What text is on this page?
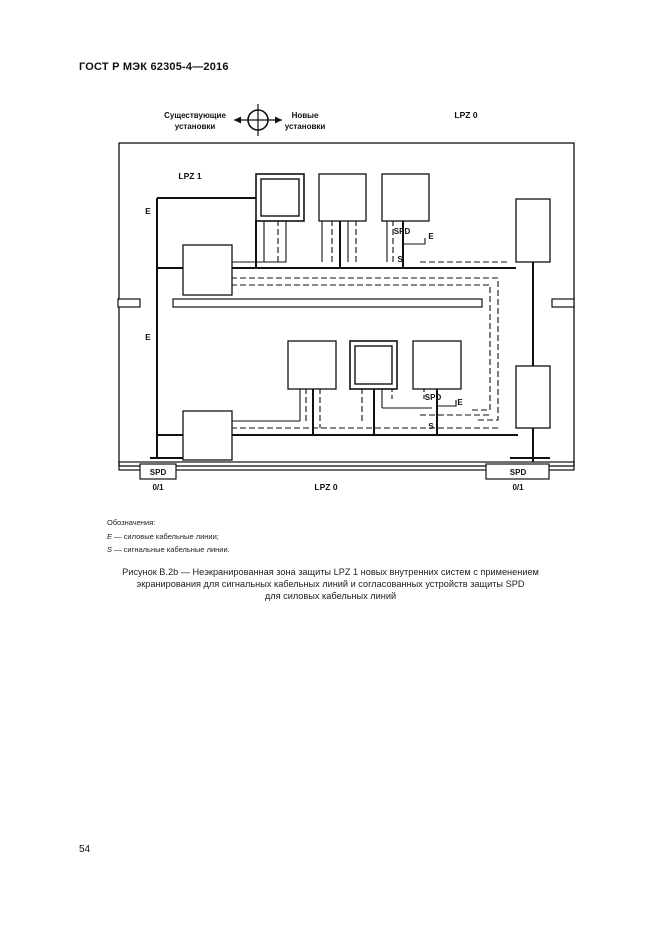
ГОСТ Р МЭК 62305-4—2016
Существующие
установки
Новые
установки
LPZ 0
LPZ 1
E
E
SPD
E
S
SPD
E
S
SPD	SPD
0/1	0/1
LPZ 0
Обозначения:
E — силовые кабельные линии;
S — сигнальные кабельные линии.
Рисунок B.2b — Неэкранированная зона защиты LPZ 1 новых внутренних систем с применением
экранирования для сигнальных кабельных линий и согласованных устройств защиты SPD
для силовых кабельных линий
54
